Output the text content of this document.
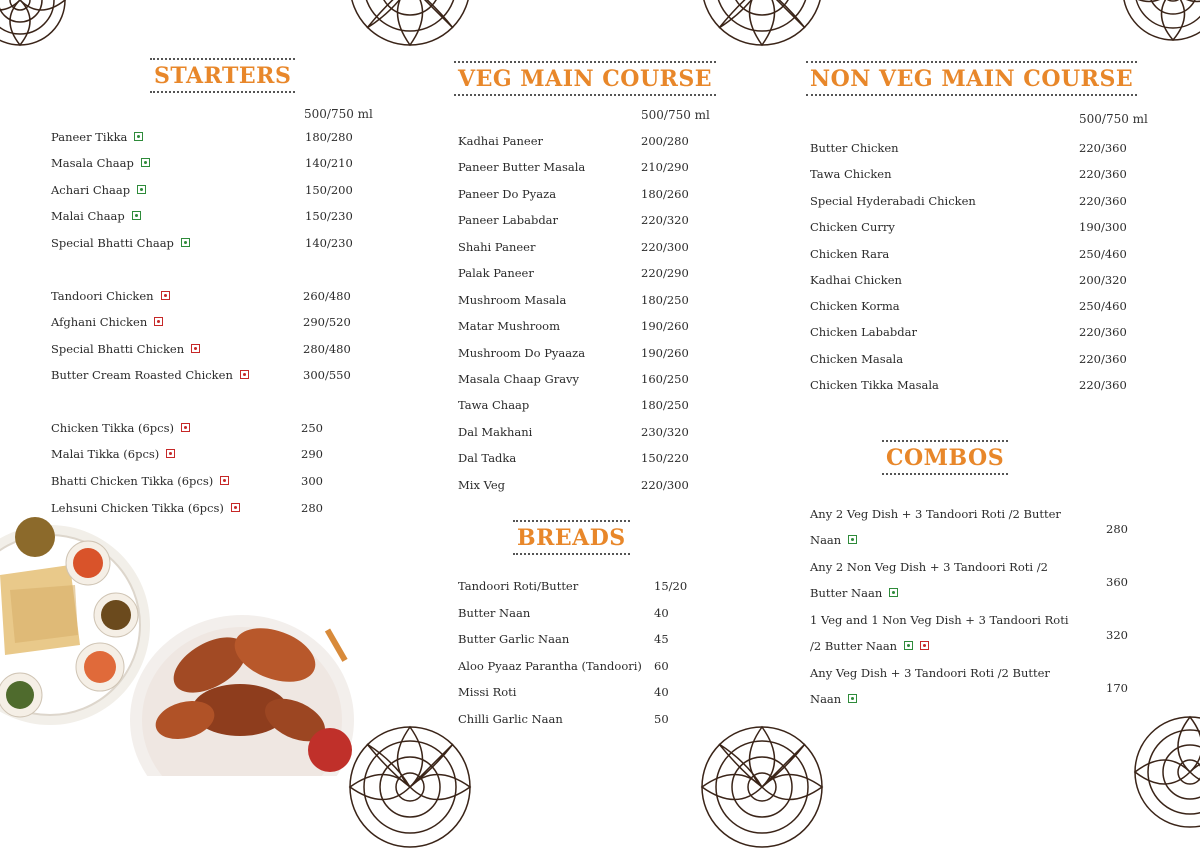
STARTERS
500/750 ml
Paneer Tikka	180/280
Masala Chaap	140/210
Achari Chaap	150/200
Malai Chaap	150/230
Special Bhatti Chaap	140/230
Tandoori Chicken	260/480
Afghani Chicken	290/520
Special Bhatti Chicken	280/480
Butter Cream Roasted Chicken	300/550
Chicken Tikka (6pcs)	250
Malai Tikka (6pcs)	290
Bhatti Chicken Tikka (6pcs)	300
Lehsuni Chicken Tikka (6pcs)	280
VEG MAIN COURSE
500/750 ml
Kadhai Paneer	200/280
Paneer Butter Masala	210/290
Paneer Do Pyaza	180/260
Paneer Lababdar	220/320
Shahi Paneer	220/300
Palak Paneer	220/290
Mushroom Masala	180/250
Matar Mushroom	190/260
Mushroom Do Pyaaza	190/260
Masala Chaap Gravy	160/250
Tawa Chaap	180/250
Dal Makhani	230/320
Dal Tadka	150/220
Mix Veg	220/300
BREADS
Tandoori Roti/Butter	15/20
Butter Naan	40
Butter Garlic Naan	45
Aloo Pyaaz Parantha (Tandoori) 60
Missi Roti	40
Chilli Garlic Naan	50
NON VEG MAIN COURSE
500/750 ml
Butter Chicken	220/360
Tawa Chicken	220/360
Special Hyderabadi Chicken	220/360
Chicken Curry	190/300
Chicken Rara	250/460
Kadhai Chicken	200/320
Chicken Korma	250/460
Chicken Lababdar	220/360
Chicken Masala	220/360
Chicken Tikka Masala	220/360
COMBOS
Any 2 Veg Dish + 3 Tandoori Roti /2 Butter
Naan
280
Any 2 Non Veg Dish + 3 Tandoori Roti /2
Butter Naan
360
1 Veg and 1 Non Veg Dish + 3 Tandoori Roti
/2 Butter Naan
320
Any Veg Dish + 3 Tandoori Roti /2 Butter
Naan
170
